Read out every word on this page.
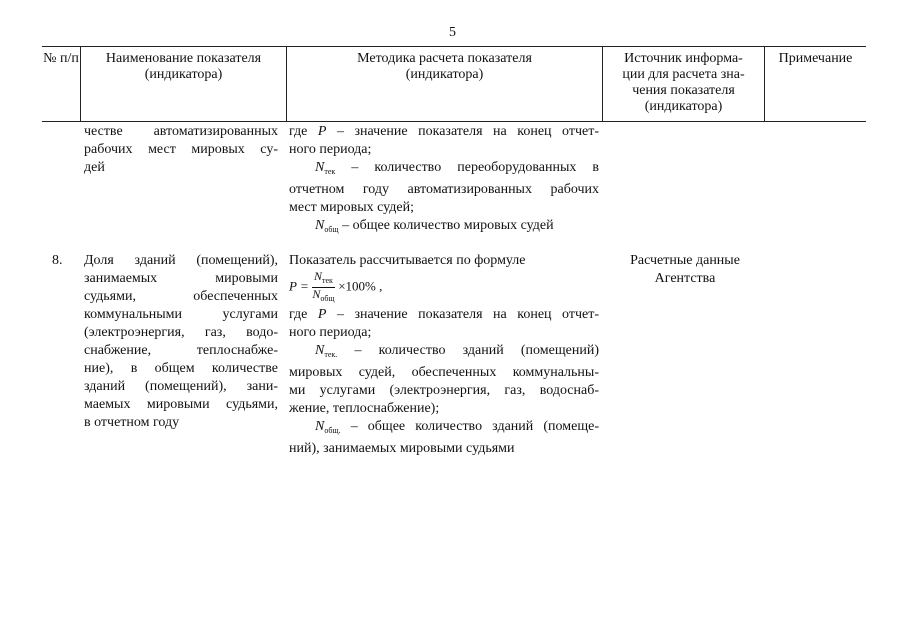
5
№ п/п	Наименование показателя (индикатора)
Методика расчета показателя (индикатора)
Источник информа-ции для расчета зна-чения показателя (индикатора)
Примечание
честве автоматизированных
рабочих мест мировых су-
дей
где P – значение показателя на конец отчет-
ного периода;
$N_{тек}$ – количество переоборудованных в
отчетном году автоматизированных рабочих
мест мировых судей;
$N_{общ}$ – общее количество мировых судей
8.	Доля зданий (помещений),
занимаемых мировыми
судьями, обеспеченных
коммунальными услугами
(электроэнергия, газ, водо-
снабжение, теплоснабже-
ние), в общем количестве
зданий (помещений), зани-
маемых мировыми судьями,
в отчетном году
Показатель рассчитывается по формуле
$P = \frac{N_{тек}}{N_{общ}} \times 100\%$ ,
где P – значение показателя на конец отчет-
ного периода;
$N_{тек.}$ – количество зданий (помещений)
мировых судей, обеспеченных коммунальны-
ми услугами (электроэнергия, газ, водоснаб-
жение, теплоснабжение);
$N_{общ.}$ – общее количество зданий (помеще-
ний), занимаемых мировыми судьями
Расчетные данные
Агентства
